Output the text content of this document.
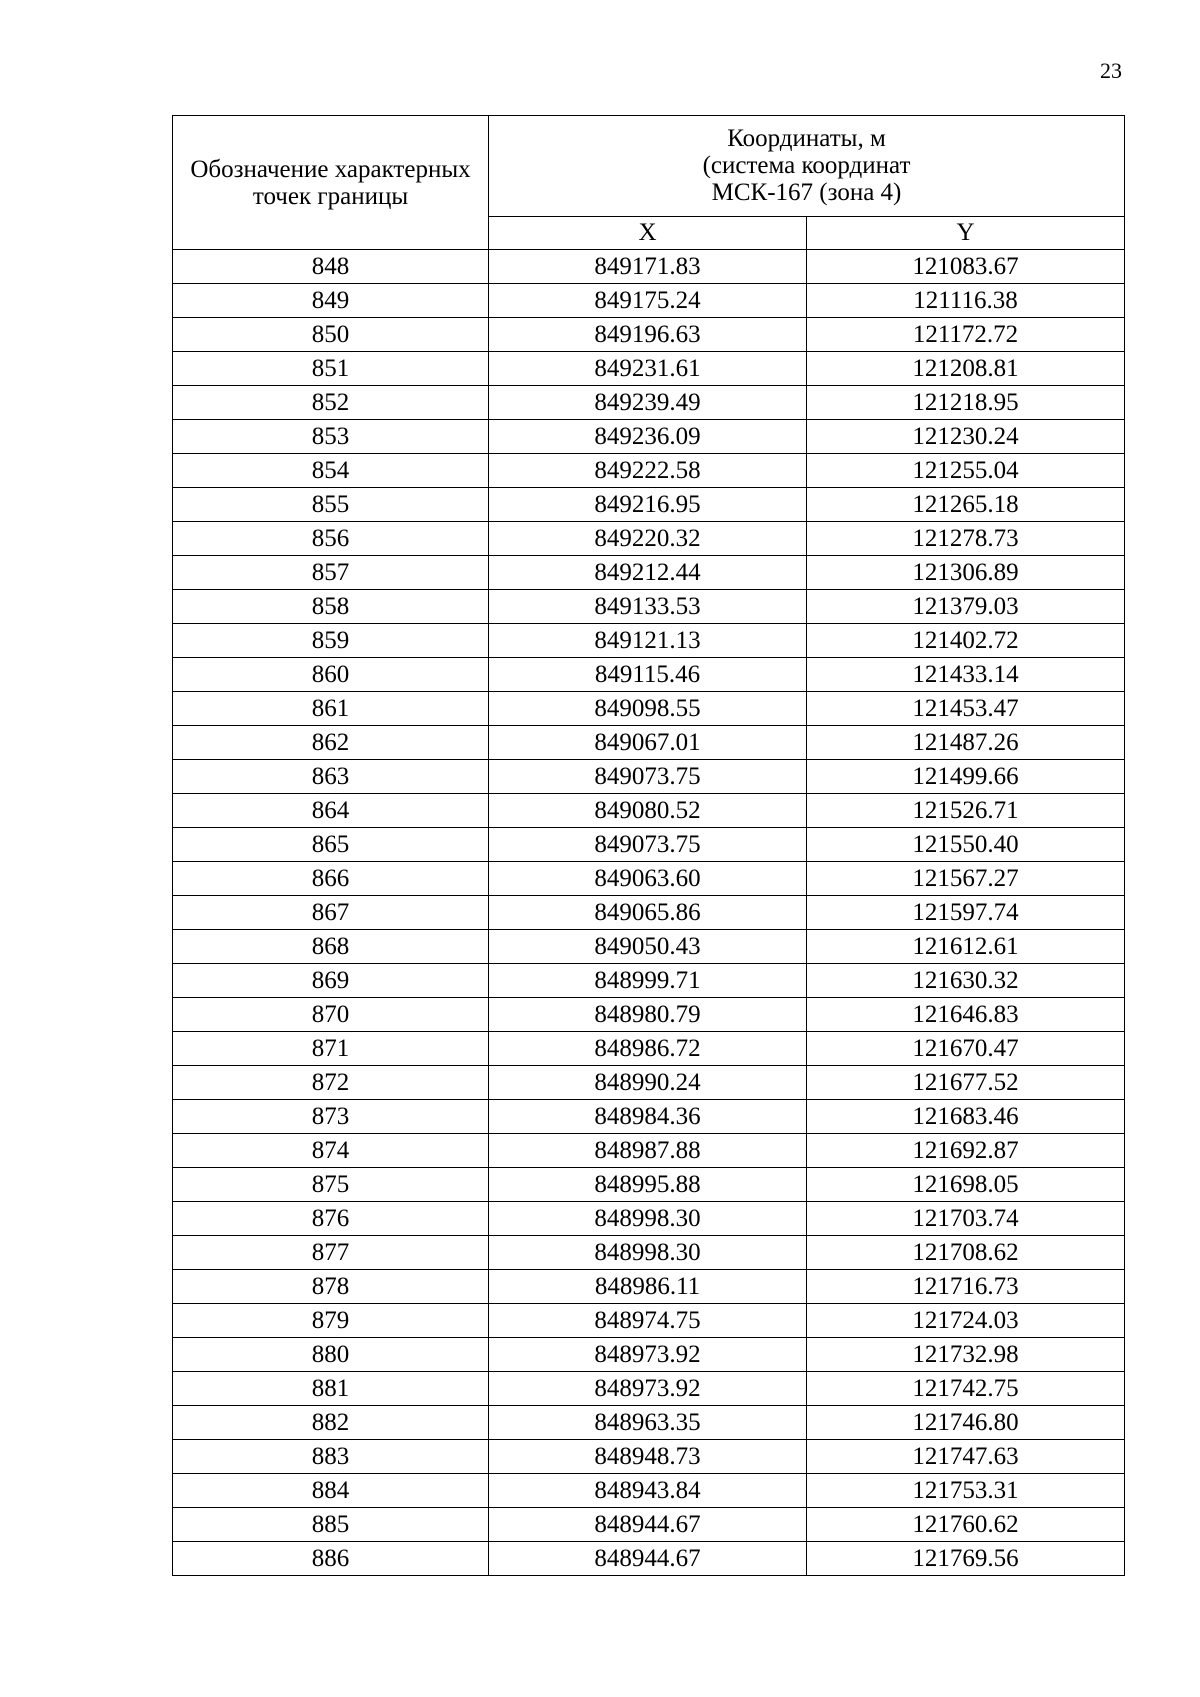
23
Обозначение характерных точек границы	Координаты, м
(система координат
МСК-167 (зона 4)	

	X	Y
848	849171.83	121083.67
849	849175.24	121116.38
850	849196.63	121172.72
851	849231.61	121208.81
852	849239.49	121218.95
853	849236.09	121230.24
854	849222.58	121255.04
855	849216.95	121265.18
856	849220.32	121278.73
857	849212.44	121306.89
858	849133.53	121379.03
859	849121.13	121402.72
860	849115.46	121433.14
861	849098.55	121453.47
862	849067.01	121487.26
863	849073.75	121499.66
864	849080.52	121526.71
865	849073.75	121550.40
866	849063.60	121567.27
867	849065.86	121597.74
868	849050.43	121612.61
869	848999.71	121630.32
870	848980.79	121646.83
871	848986.72	121670.47
872	848990.24	121677.52
873	848984.36	121683.46
874	848987.88	121692.87
875	848995.88	121698.05
876	848998.30	121703.74
877	848998.30	121708.62
878	848986.11	121716.73
879	848974.75	121724.03
880	848973.92	121732.98
881	848973.92	121742.75
882	848963.35	121746.80
883	848948.73	121747.63
884	848943.84	121753.31
885	848944.67	121760.62
886	848944.67	121769.56
